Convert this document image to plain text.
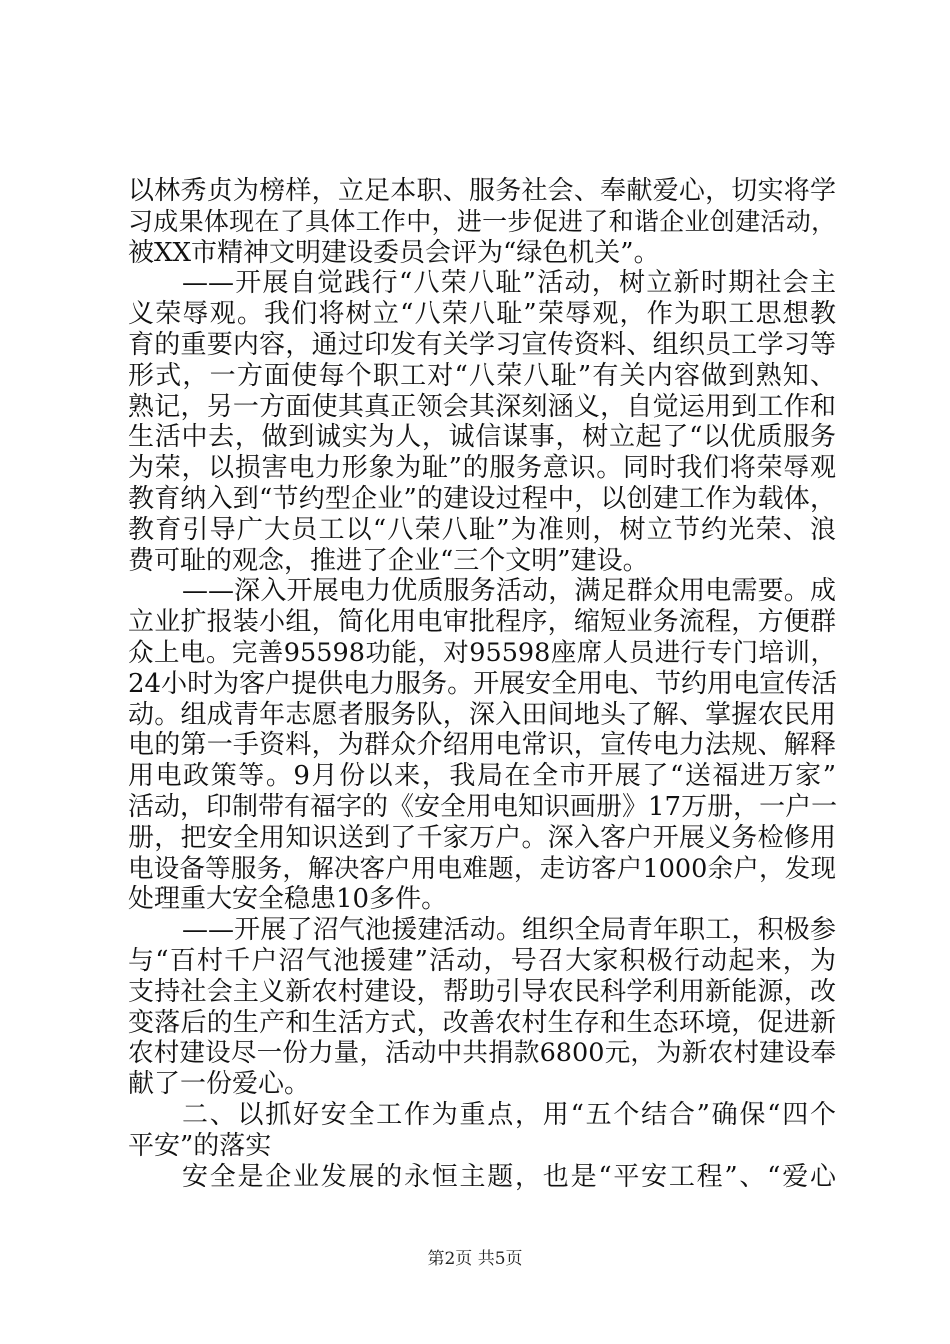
以林秀贞为榜样，立足本职、服务社会、奉献爱心，切实将学
习成果体现在了具体工作中，进一步促进了和谐企业创建活动，
被XX市精神文明建设委员会评为“绿色机关”。
——开展自觉践行“八荣八耻”活动，树立新时期社会主
义荣辱观。我们将树立“八荣八耻”荣辱观，作为职工思想教
育的重要内容，通过印发有关学习宣传资料、组织员工学习等
形式，一方面使每个职工对“八荣八耻”有关内容做到熟知、
熟记，另一方面使其真正领会其深刻涵义，自觉运用到工作和
生活中去，做到诚实为人，诚信谋事，树立起了“以优质服务
为荣，以损害电力形象为耻”的服务意识。同时我们将荣辱观
教育纳入到“节约型企业”的建设过程中，以创建工作为载体，
教育引导广大员工以“八荣八耻”为准则，树立节约光荣、浪
费可耻的观念，推进了企业“三个文明”建设。
——深入开展电力优质服务活动，满足群众用电需要。成
立业扩报装小组，简化用电审批程序，缩短业务流程，方便群
众上电。完善95598功能，对95598座席人员进行专门培训，
24小时为客户提供电力服务。开展安全用电、节约用电宣传活
动。组成青年志愿者服务队，深入田间地头了解、掌握农民用
电的第一手资料，为群众介绍用电常识，宣传电力法规、解释
用电政策等。9月份以来，我局在全市开展了“送福进万家”
活动，印制带有福字的《安全用电知识画册》17万册，一户一
册，把安全用知识送到了千家万户。深入客户开展义务检修用
电设备等服务，解决客户用电难题，走访客户1000余户，发现
处理重大安全稳患10多件。
——开展了沼气池援建活动。组织全局青年职工，积极参
与“百村千户沼气池援建”活动，号召大家积极行动起来，为
支持社会主义新农村建设，帮助引导农民科学利用新能源，改
变落后的生产和生活方式，改善农村生存和生态环境，促进新
农村建设尽一份力量，活动中共捐款6800元，为新农村建设奉
献了一份爱心。
二、以抓好安全工作为重点，用“五个结合”确保“四个
平安”的落实
安全是企业发展的永恒主题，也是“平安工程”、“爱心
第2页 共5页
